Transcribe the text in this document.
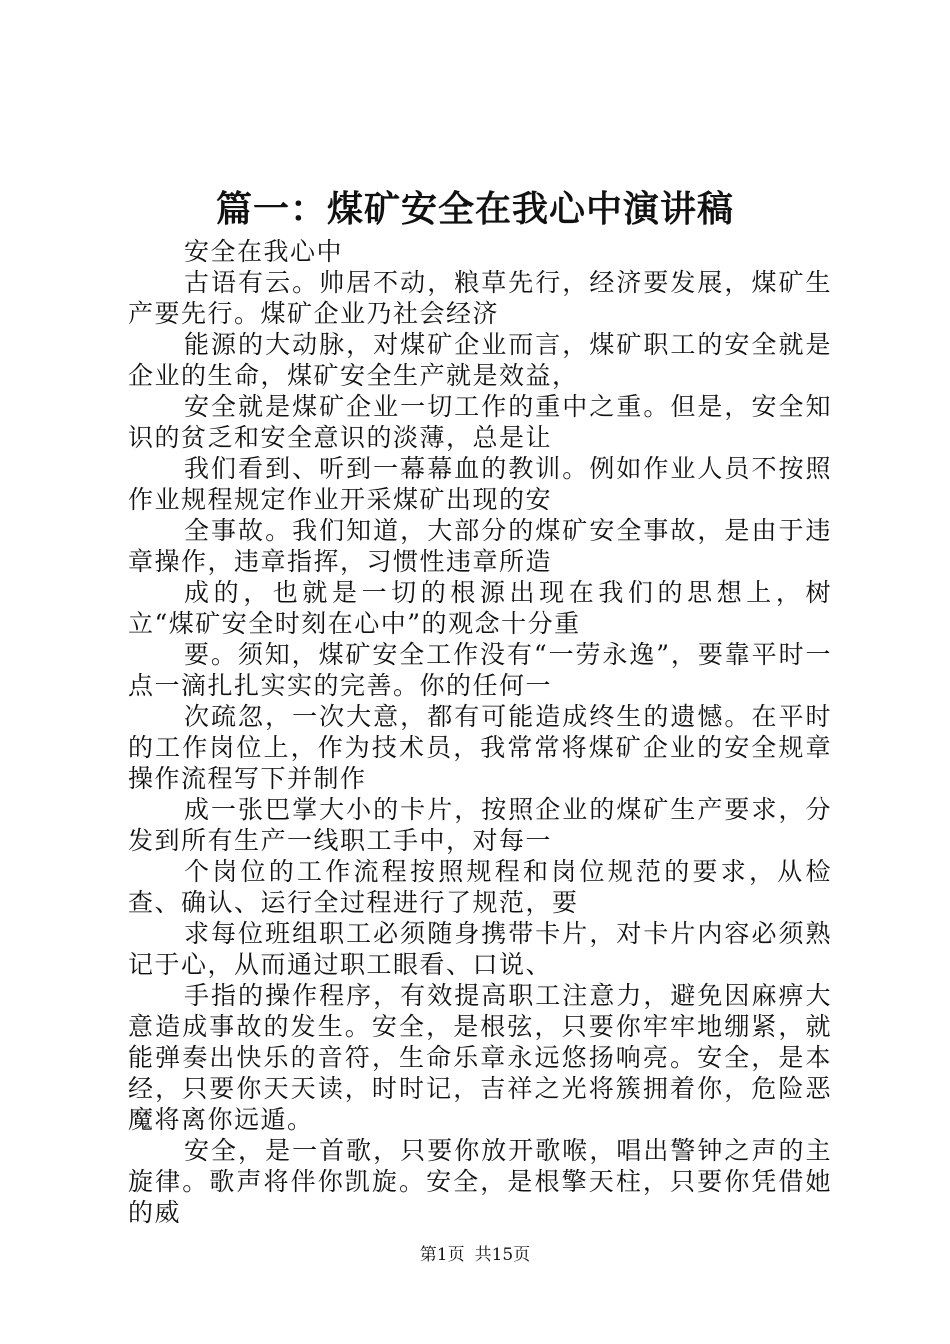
篇一：煤矿安全在我心中演讲稿

安全在我心中

古语有云。帅居不动，粮草先行，经济要发展，煤矿生产要先行。煤矿企业乃社会经济

能源的大动脉，对煤矿企业而言，煤矿职工的安全就是企业的生命，煤矿安全生产就是效益，

安全就是煤矿企业一切工作的重中之重。但是，安全知识的贫乏和安全意识的淡薄，总是让

我们看到、听到一幕幕血的教训。例如作业人员不按照作业规程规定作业开采煤矿出现的安

全事故。我们知道，大部分的煤矿安全事故，是由于违章操作，违章指挥，习惯性违章所造

成的，也就是一切的根源出现在我们的思想上，树立“煤矿安全时刻在心中”的观念十分重

要。须知，煤矿安全工作没有“一劳永逸”，要靠平时一点一滴扎扎实实的完善。你的任何一

次疏忽，一次大意，都有可能造成终生的遗憾。在平时的工作岗位上，作为技术员，我常常将煤矿企业的安全规章操作流程写下并制作

成一张巴掌大小的卡片，按照企业的煤矿生产要求，分发到所有生产一线职工手中，对每一

个岗位的工作流程按照规程和岗位规范的要求，从检查、确认、运行全过程进行了规范，要

求每位班组职工必须随身携带卡片，对卡片内容必须熟记于心，从而通过职工眼看、口说、

手指的操作程序，有效提高职工注意力，避免因麻痹大意造成事故的发生。安全，是根弦，只要你牢牢地绷紧，就能弹奏出快乐的音符，生命乐章永远悠扬响亮。安全，是本经，只要你天天读，时时记，吉祥之光将簇拥着你，危险恶魔将离你远遁。

安全，是一首歌，只要你放开歌喉，唱出警钟之声的主旋律。歌声将伴你凯旋。安全，是根擎天柱，只要你凭借她的威

第1页 共15页
